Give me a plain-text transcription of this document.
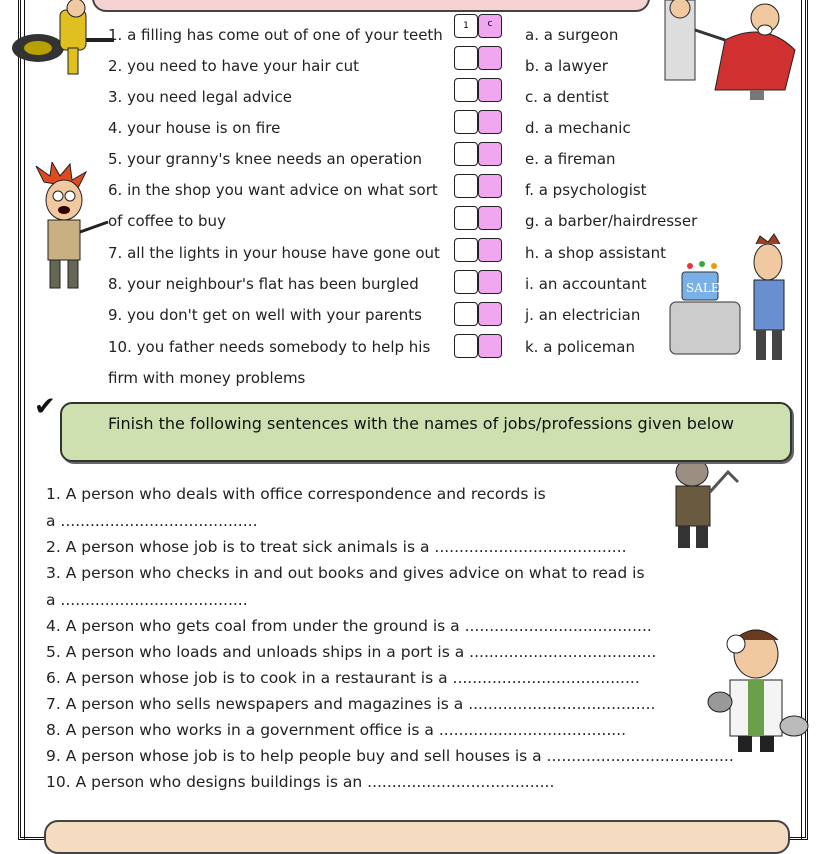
1. a filling has come out of one of your teeth
2. you need to have your hair cut
3. you need legal advice
4. your house is on fire
5. your granny's knee needs an operation
6. in the shop you want advice on what sort
of coffee to buy
7. all the lights in your house have gone out
8. your neighbour's flat has been burgled
9. you don't get on well with your parents
10. you father needs somebody to help his
firm with money problems
a. a surgeon
b. a lawyer
c. a dentist
d. a mechanic
e. a fireman
f. a psychologist
g. a barber/hairdresser
h. a shop assistant
i. an accountant
j. an electrician
k. a policeman
1	c
SALE
✔
Finish the following sentences with the names of jobs/professions given below
1. A person who deals with office correspondence and records is
a ........................................
2. A person whose job is to treat sick animals is a .......................................
3. A person who checks in and out books and gives advice on what to read is
a ......................................
4. A person who gets coal from under the ground is a ......................................
5. A person who loads and unloads ships in a port is a ......................................
6. A person whose job is to cook in a restaurant is a ......................................
7. A person who sells newspapers and magazines is a ......................................
8. A person who works in a government office is a ......................................
9. A person whose job is to help people buy and sell houses is a ......................................
10. A person who designs buildings is an ......................................
